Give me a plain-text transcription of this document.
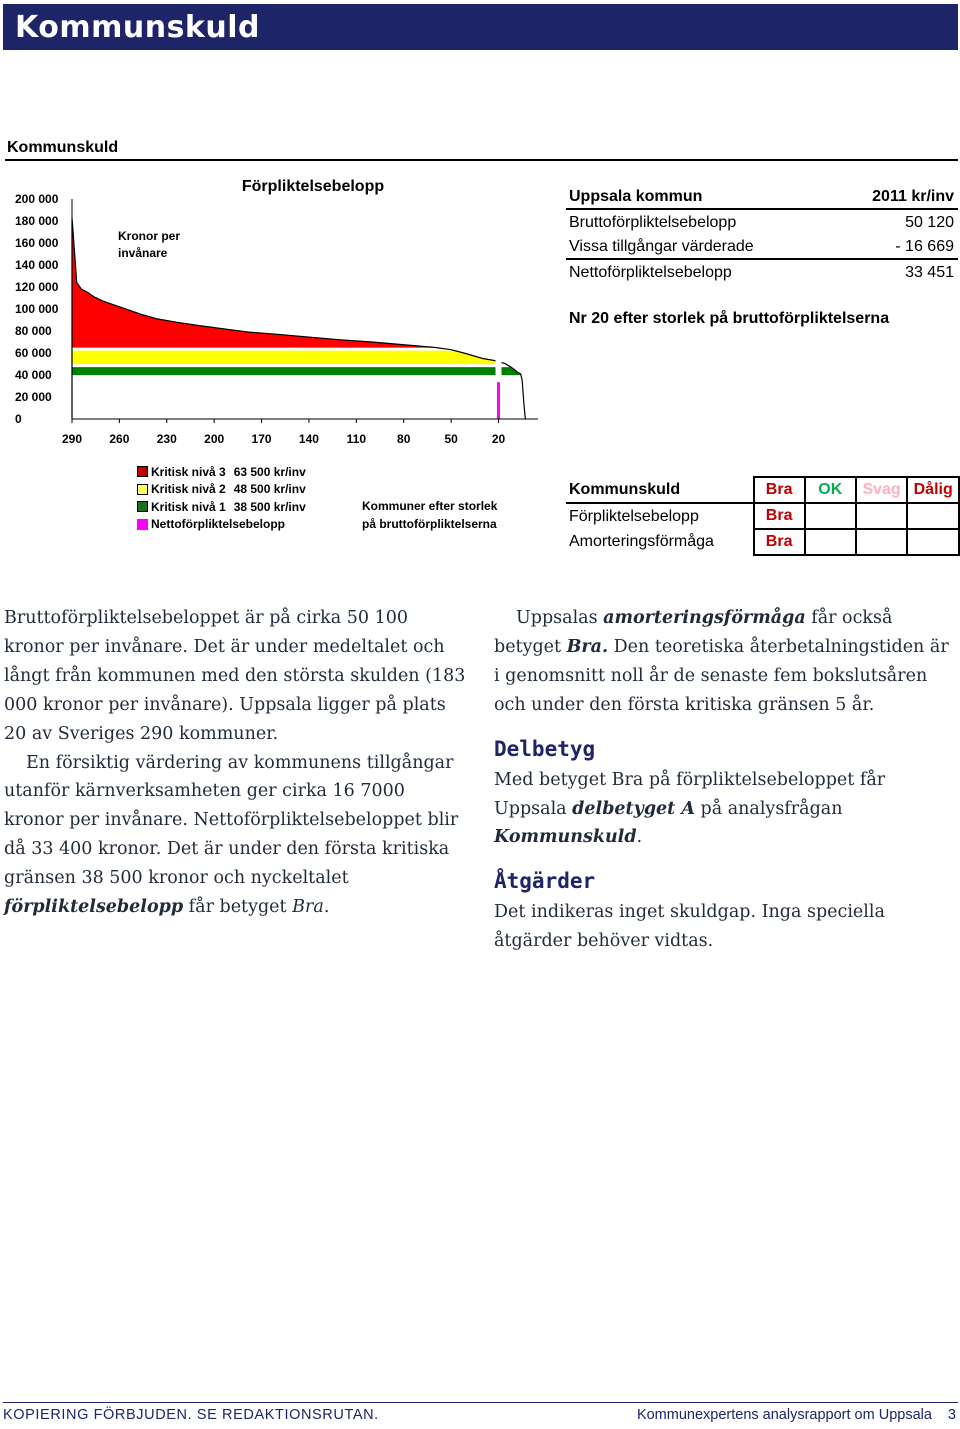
Kommunskuld
Kommunskuld
Förpliktelsebelopp
Kronor per invånare
290 260 230 200 170 140 110	80	50	20
200 000
180 000
160 000
140 000
120 000
100 000
80 000
60 000
40 000
20 000
0
Kritisk nivå 3 63 500 kr/inv
Kritisk nivå 2 48 500 kr/inv
Kritisk nivå 1 38 500 kr/inv
Nettoförpliktelsebelopp
Kommuner efter storlek
på bruttoförpliktelserna
Uppsala kommun	2011 kr/inv
Bruttoförpliktelsebelopp	50 120
Vissa tillgångar värderade	- 16 669
Nettoförpliktelsebelopp	33 451
Nr 20 efter storlek på bruttoförpliktelserna
Kommunskuld	Bra	OK	Svag	Dålig
Förpliktelsebelopp	Bra			
Amorteringsförmåga	Bra			

Bruttoförpliktelsebeloppet är på cirka 50 100 kronor per invånare. Det är under medeltalet och långt från kommunen med den största skulden (183 000 kronor per invånare). Uppsala ligger på plats 20 av Sveriges 290 kommuner.

En försiktig värdering av kommunens tillgångar utanför kärnverksamheten ger cirka 16 7000 kronor per invånare. Nettoförpliktelsebeloppet blir då 33 400 kronor. Det är under den första kritiska gränsen 38 500 kronor och nyckeltalet förpliktelsebelopp får betyget Bra.

Uppsalas amorteringsförmåga får också betyget Bra. Den teoretiska återbetalningstiden är i genomsnitt noll år de senaste fem bokslutsåren och under den första kritiska gränsen 5 år.

Delbetyg

Med betyget Bra på förpliktelsebeloppet får Uppsala delbetyget A på analysfrågan Kommunskuld.

Åtgärder

Det indikeras inget skuldgap. Inga speciella åtgärder behöver vidtas.

KOPIERING FÖRBJUDEN. SE REDAKTIONSRUTAN.	Kommunexpertens analysrapport om Uppsala 3
